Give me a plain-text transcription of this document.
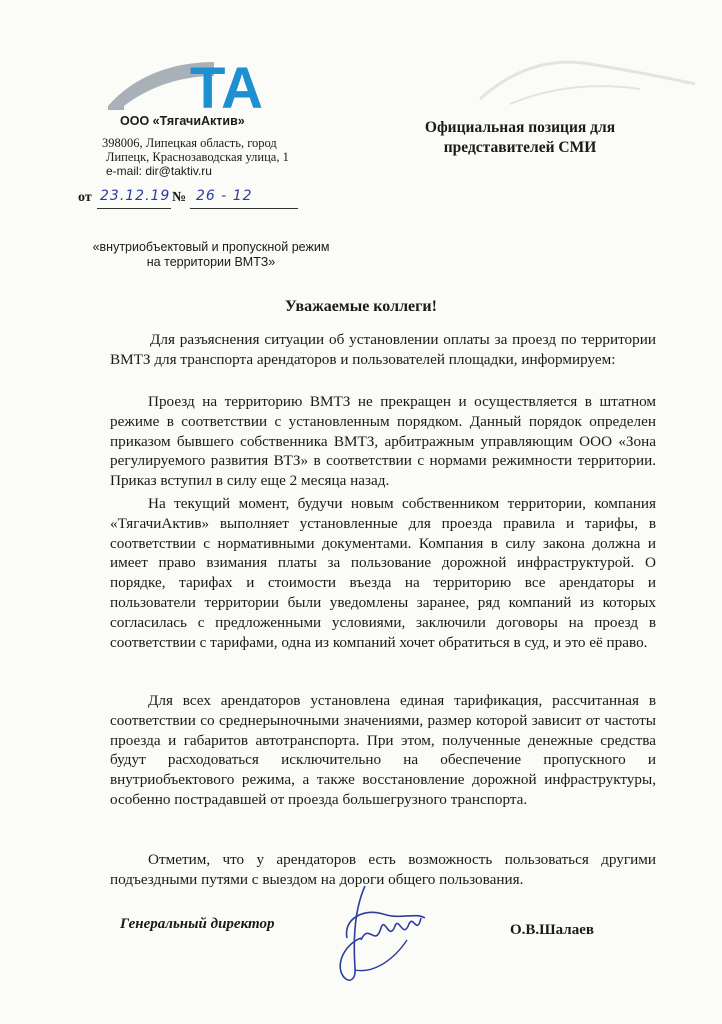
TA
ООО «ТягачиАктив»
398006, Липецкая область, город
Липецк, Краснозаводская улица, 1
e-mail: dir@taktiv.ru
от 23.12.19 № 26 - 12
Официальная позиция для
представителей СМИ
«внутриобъектовый и пропускной режим
на территории ВМТЗ»
Уважаемые коллеги!
Для разъяснения ситуации об установлении оплаты за проезд по территории ВМТЗ для транспорта арендаторов и пользователей площадки, информируем:
Проезд на территорию ВМТЗ не прекращен и осуществляется в штатном режиме в соответствии с установленным порядком. Данный порядок определен приказом бывшего собственника ВМТЗ, арбитражным управляющим ООО «Зона регулируемого развития ВТЗ» в соответствии с нормами режимности территории. Приказ вступил в силу еще 2 месяца назад.
На текущий момент, будучи новым собственником территории, компания «ТягачиАктив» выполняет установленные для проезда правила и тарифы, в соответствии с нормативными документами. Компания в силу закона должна и имеет право взимания платы за пользование дорожной инфраструктурой. О порядке, тарифах и стоимости въезда на территорию все арендаторы и пользователи территории были уведомлены заранее, ряд компаний из которых согласилась с предложенными условиями, заключили договоры на проезд в соответствии с тарифами, одна из компаний хочет обратиться в суд, и это её право.
Для всех арендаторов установлена единая тарификация, рассчитанная в соответствии со среднерыночными значениями, размер которой зависит от частоты проезда и габаритов автотранспорта. При этом, полученные денежные средства будут расходоваться исключительно на обеспечение пропускного и внутриобъектового режима, а также восстановление дорожной инфраструктуры, особенно пострадавшей от проезда большегрузного транспорта.
Отметим, что у арендаторов есть возможность пользоваться другими подъездными путями с выездом на дороги общего пользования.
Генеральный директор	О.В.Шалаев
